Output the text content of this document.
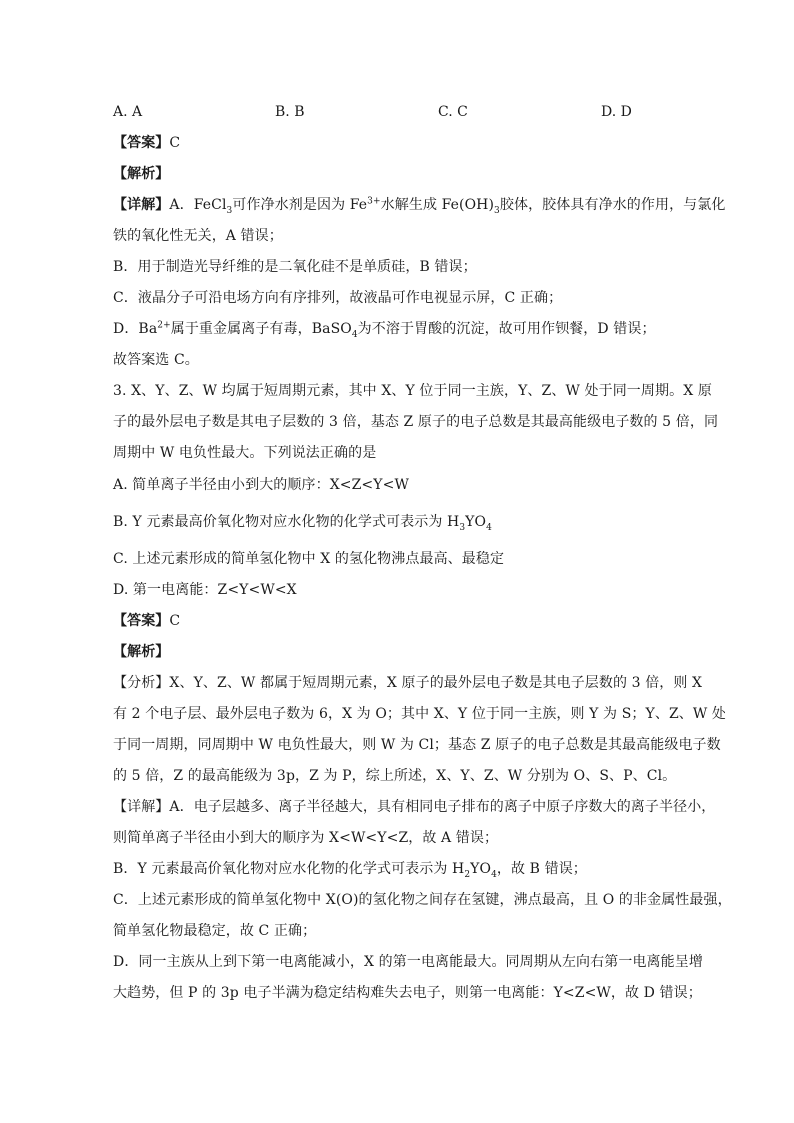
A. A	B. B	C. C	D. D
【答案】C
【解析】
【详解】A．FeCl$_3$可作净水剂是因为 $Fe^{3+}$水解生成 $Fe(OH)_3$胶体，胶体具有净水的作用，与氯化
铁的氧化性无关，A 错误；
B．用于制造光导纤维的是二氧化硅不是单质硅，B 错误；
C．液晶分子可沿电场方向有序排列，故液晶可作电视显示屏，C 正确；
D．$Ba^{2+}$属于重金属离子有毒，BaSO$_4$为不溶于胃酸的沉淀，故可用作钡餐，D 错误；
故答案选 C。
3. X、Y、Z、W 均属于短周期元素，其中 X、Y 位于同一主族，Y、Z、W 处于同一周期。X 原
子的最外层电子数是其电子层数的 3 倍，基态 Z 原子的电子总数是其最高能级电子数的 5 倍，同
周期中 W 电负性最大。下列说法正确的是
A. 简单离子半径由小到大的顺序：X<Z<Y<W
B. Y 元素最高价氧化物对应水化物的化学式可表示为 $H_3YO_4$
C. 上述元素形成的简单氢化物中 X 的氢化物沸点最高、最稳定
D. 第一电离能：Z<Y<W<X
【答案】C
【解析】
【分析】X、Y、Z、W 都属于短周期元素，X 原子的最外层电子数是其电子层数的 3 倍，则 X
有 2 个电子层、最外层电子数为 6，X 为 O；其中 X、Y 位于同一主族，则 Y 为 S；Y、Z、W 处
于同一周期，同周期中 W 电负性最大，则 W 为 Cl；基态 Z 原子的电子总数是其最高能级电子数
的 5 倍，Z 的最高能级为 3p，Z 为 P，综上所述，X、Y、Z、W 分别为 O、S、P、Cl。
【详解】A．电子层越多、离子半径越大，具有相同电子排布的离子中原子序数大的离子半径小，
则简单离子半径由小到大的顺序为 X<W<Y<Z，故 A 错误；
B．Y 元素最高价氧化物对应水化物的化学式可表示为 $H_2YO_4$，故 B 错误；
C．上述元素形成的简单氢化物中 X(O)的氢化物之间存在氢键，沸点最高，且 O 的非金属性最强，
简单氢化物最稳定，故 C 正确；
D．同一主族从上到下第一电离能减小，X 的第一电离能最大。同周期从左向右第一电离能呈增
大趋势，但 P 的 3p 电子半满为稳定结构难失去电子，则第一电离能：Y<Z<W，故 D 错误；
